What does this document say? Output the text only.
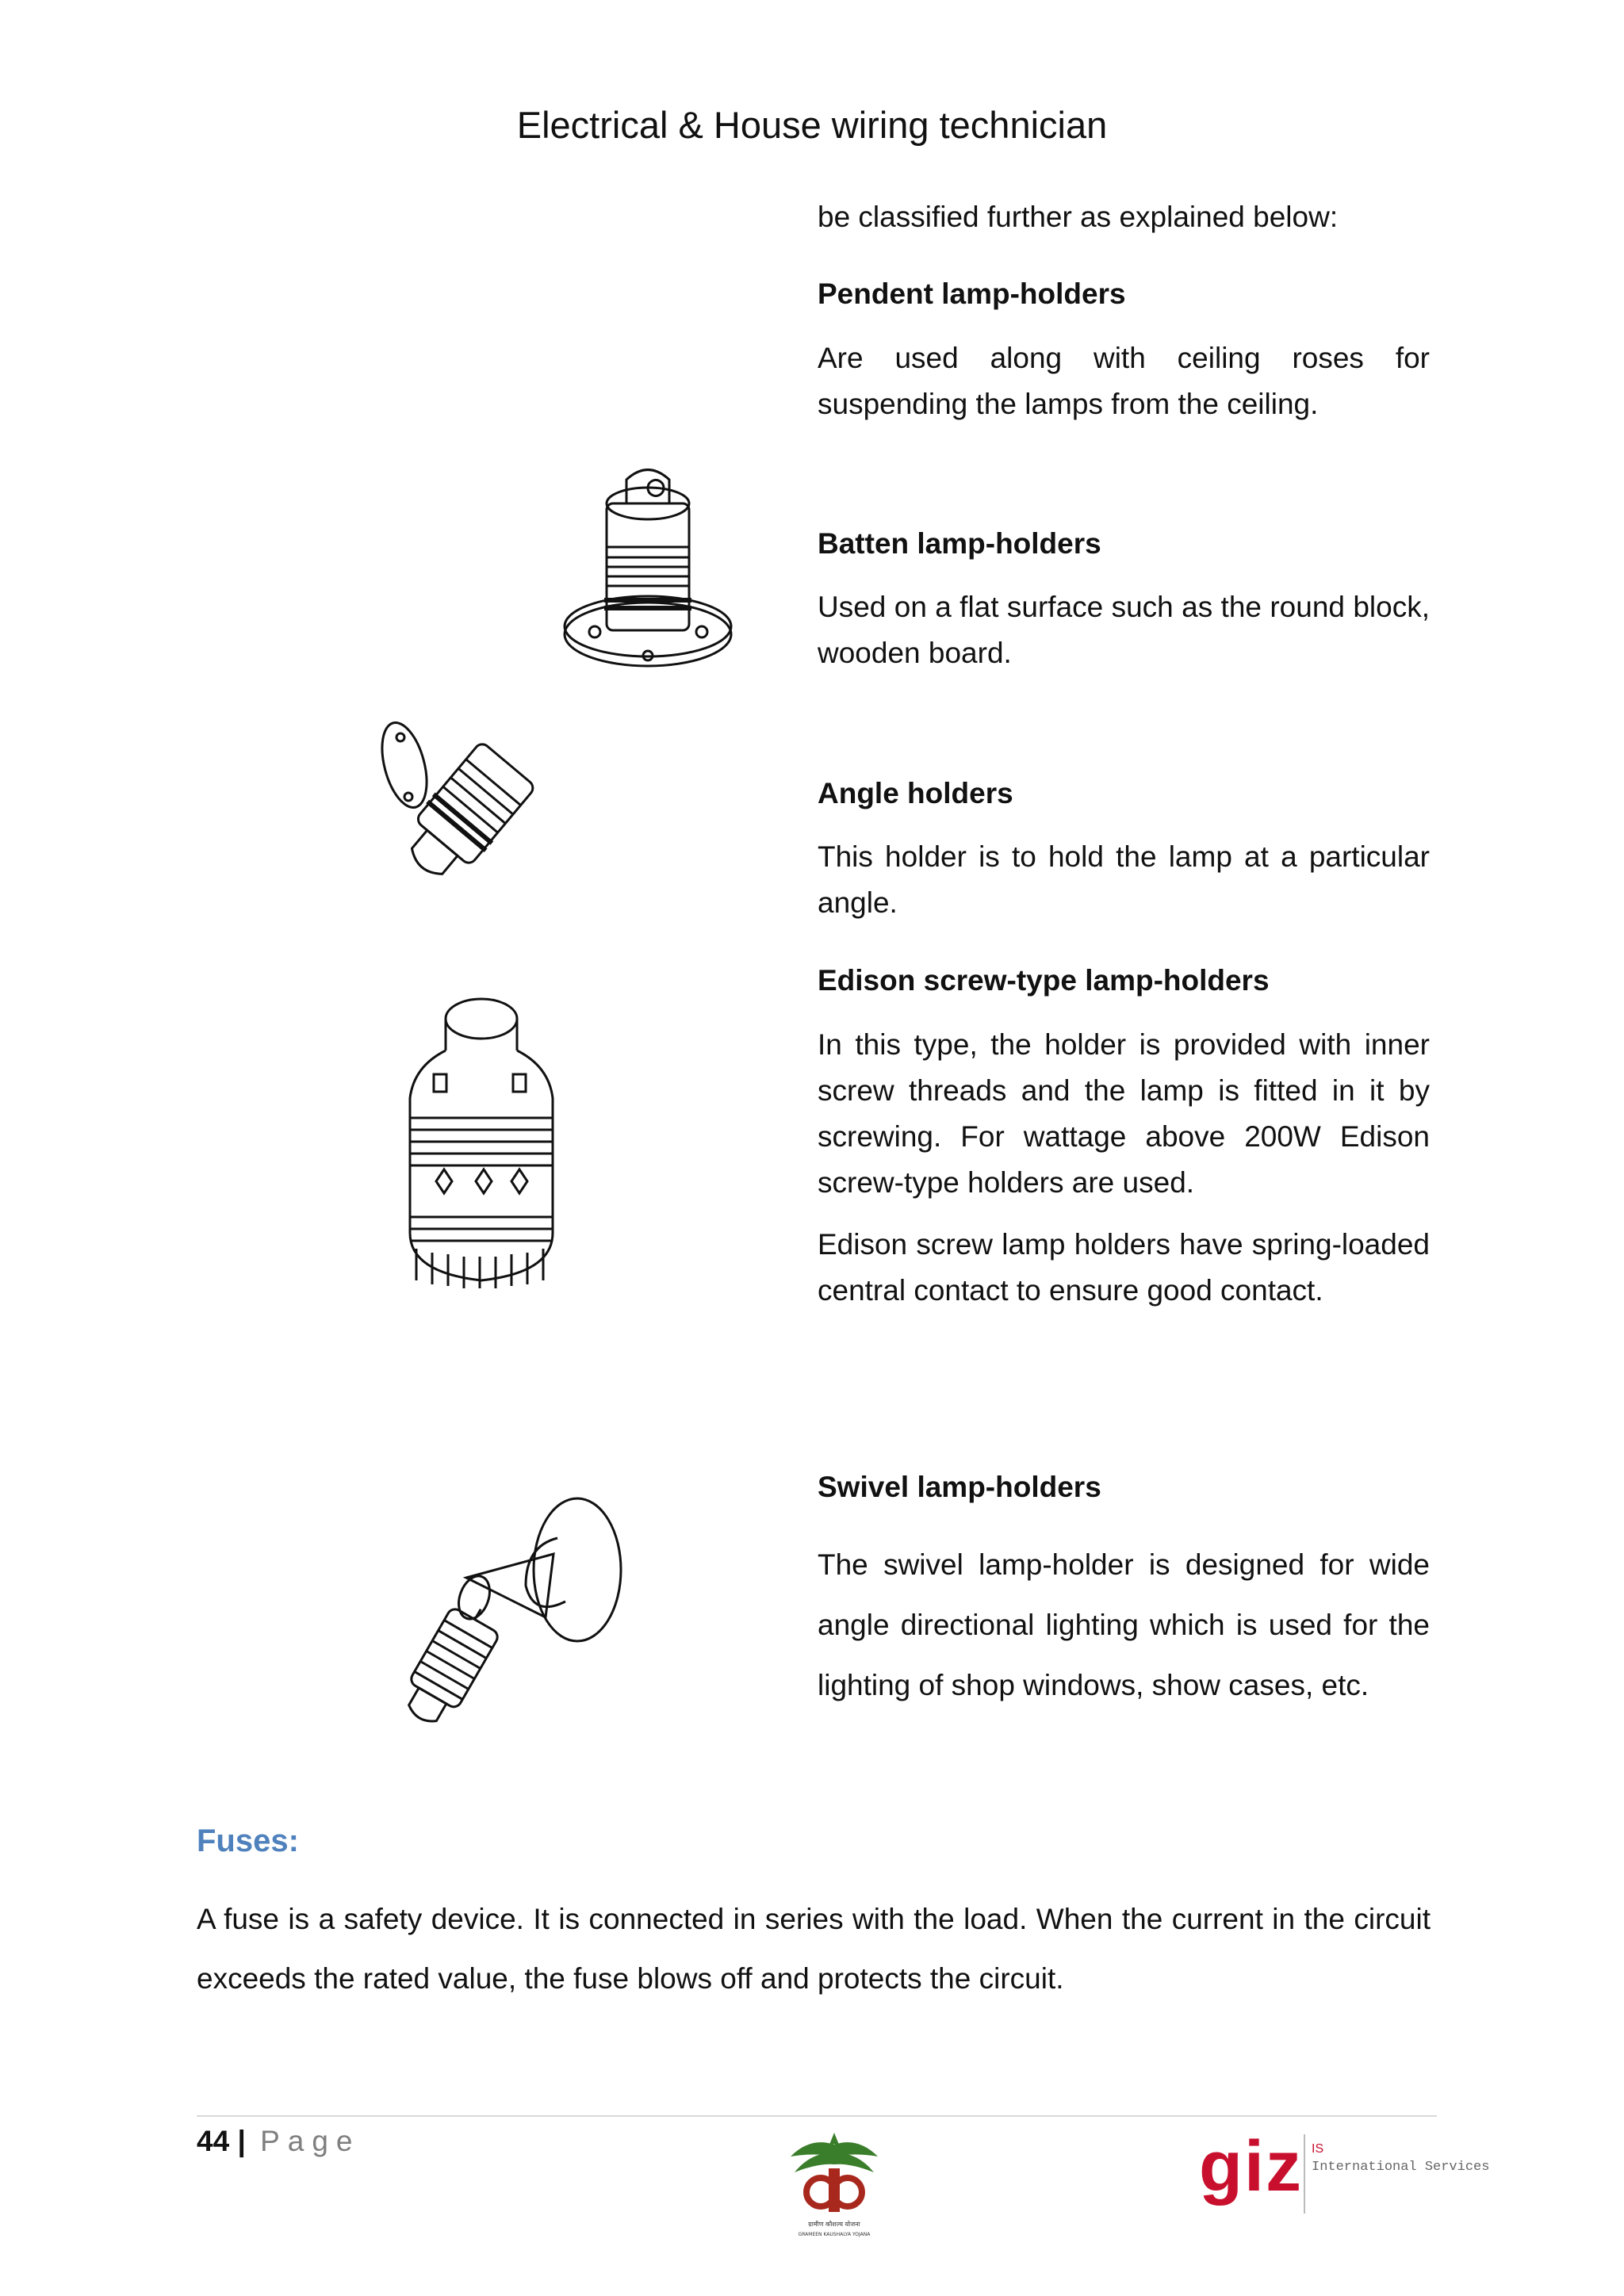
Electrical & House wiring technician
be classified further as explained below:
Pendent lamp-holders
Are used along with ceiling roses for suspending the lamps from the ceiling.
Batten lamp-holders
Used on a flat surface such as the round block, wooden board.
Angle holders
This holder is to hold the lamp at a particular angle.
Edison screw-type lamp-holders
In this type, the holder is provided with inner screw threads and the lamp is fitted in it by screwing. For wattage above 200W Edison screw-type holders are used.
Edison screw lamp holders have spring-loaded central contact to ensure good contact.
Swivel lamp-holders
The swivel lamp-holder is designed for wide angle directional lighting which is used for the lighting of shop windows, show cases, etc.
Fuses:
A fuse is a safety device. It is connected in series with the load. When the current in the circuit exceeds the rated value, the fuse blows off and protects the circuit.
44 | Page
ग्रामीण कौशल्य योजना
GRAMEEN KAUSHALYA YOJANA
giz IS
International Services
